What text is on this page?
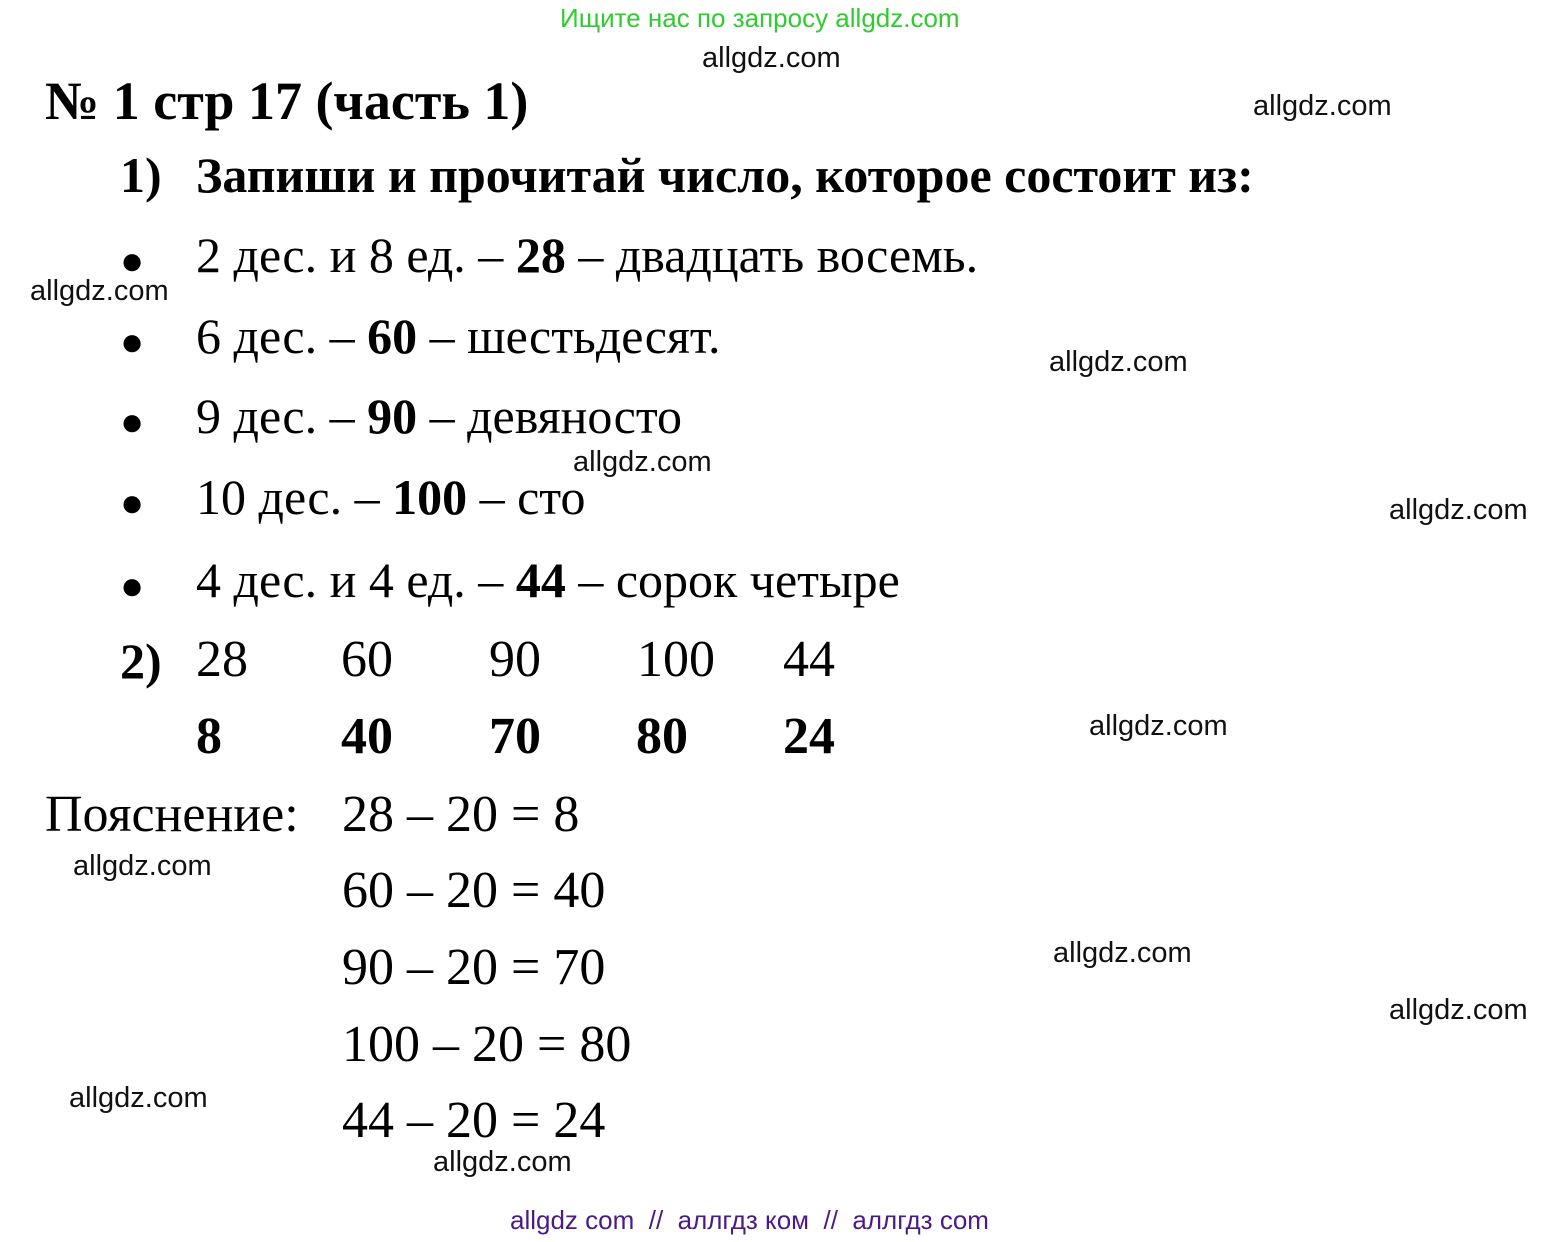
Ищите нас по запросу allgdz.com
allgdz.com
allgdz.com
allgdz.com
allgdz.com
allgdz.com
allgdz.com
allgdz.com
allgdz.com
allgdz.com
allgdz.com
allgdz.com
allgdz.com
№ 1 стр 17 (часть 1)
1) Запиши и прочитай число, которое состоит из:
● 2 дес. и 8 ед. – 28 – двадцать восемь.
● 6 дес. – 60 – шестьдесят.
● 9 дес. – 90 – девяносто
● 10 дес. – 100 – сто
● 4 дес. и 4 ед. – 44 – сорок четыре
2) 28 60 90 100 44
8 40 70 80 24
Пояснение: 28 – 20 = 8
60 – 20 = 40
90 – 20 = 70
100 – 20 = 80
44 – 20 = 24
allgdz com  //  аллгдз ком  //  аллгдз com
